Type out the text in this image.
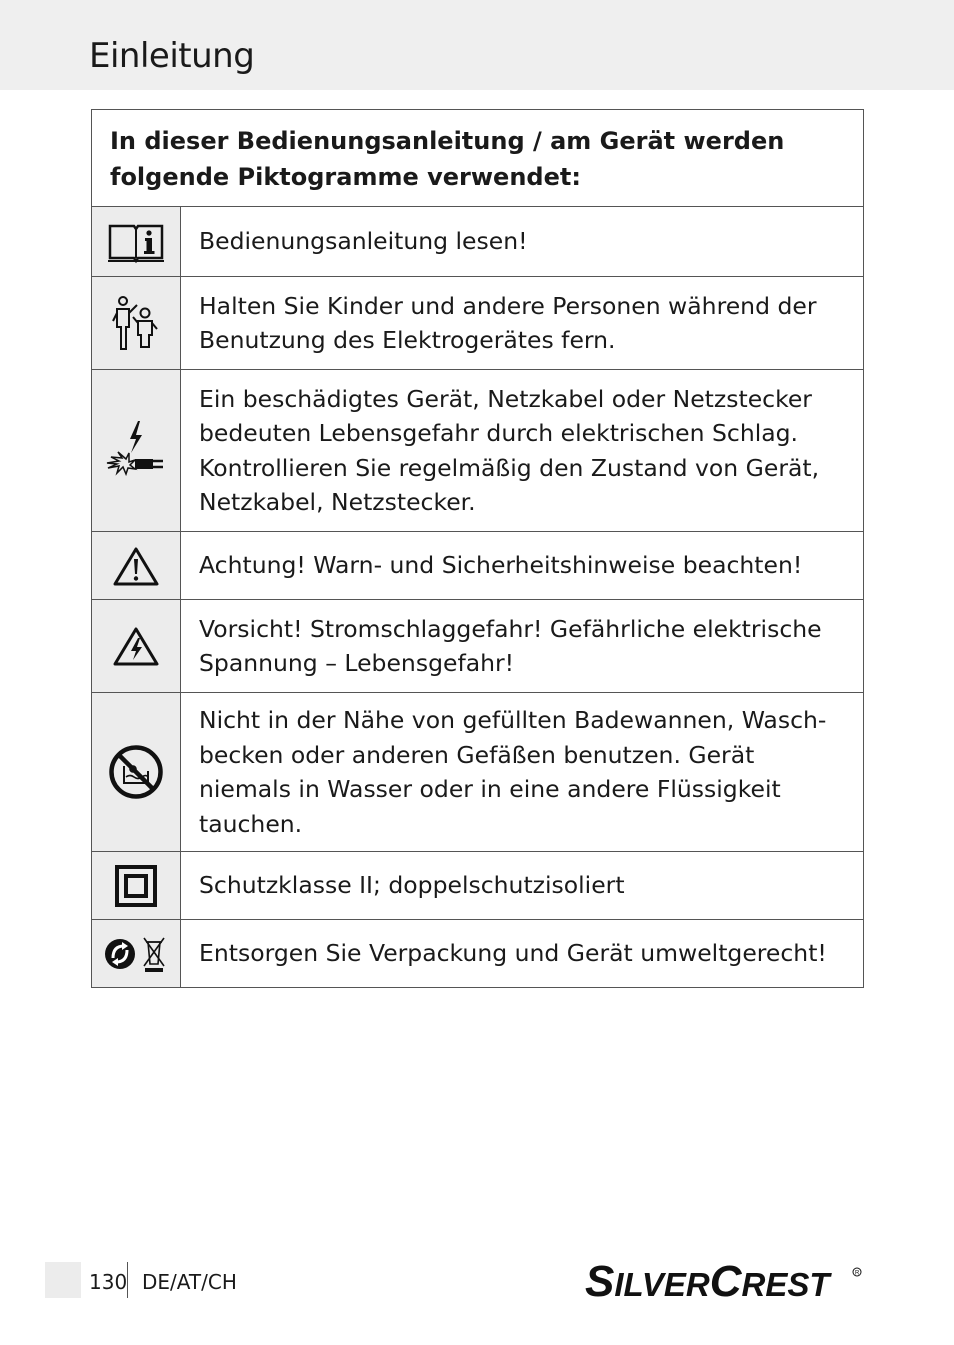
Einleitung
In dieser Bedienungsanleitung / am Gerät werden folgende Piktogramme verwendet:	

	Bedienungsanleitung lesen!

	Halten Sie Kinder und andere Personen während der Benutzung des Elektrogerätes fern.

	Ein beschädigtes Gerät, Netzkabel oder Netzstecker bedeuten Lebensgefahr durch elektrischen Schlag. Kontrollieren Sie regelmäßig den Zustand von Gerät, Netzkabel, Netzstecker.

	Achtung! Warn- und Sicherheitshinweise beachten!

	Vorsicht! Stromschlaggefahr! Gefährliche elektrische Spannung – Lebensgefahr!

	Nicht in der Nähe von gefüllten Badewannen, Waschbecken oder anderen Gefäßen benutzen. Gerät niemals in Wasser oder in eine andere Flüssigkeit tauchen.

	Schutzklasse II; doppelschutzisoliert

	Entsorgen Sie Verpackung und Gerät umweltgerecht!
130 DE/AT/CH	SILVERCREST	R
